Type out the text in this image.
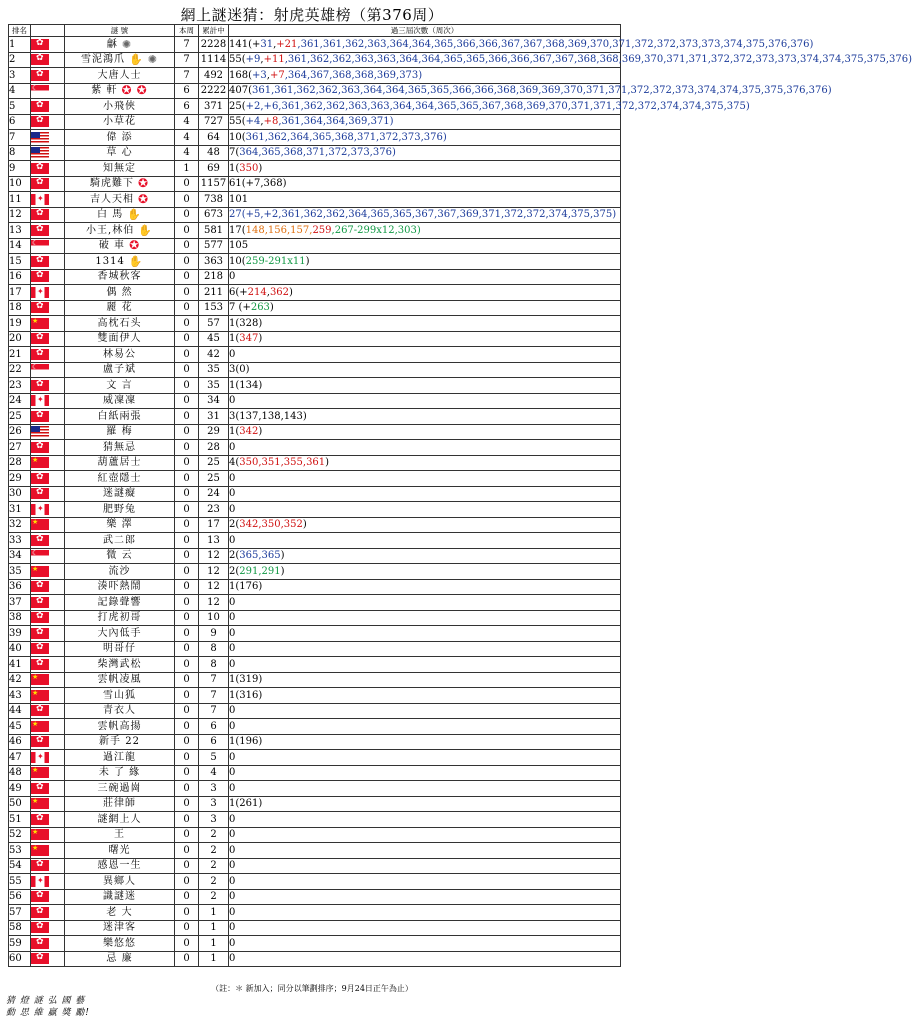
網上謎迷猜：射虎英雄榜（第376周）
排名		謎 號	本周	累計中	過三屆次數（周次）
1	✿	龢 ✺	7	2228	141(+31,+21,361,361,362,363,364,364,365,366,366,367,367,368,369,370,371,372,372,373,373,374,375,376,376)
2	✿	雪泥鴻爪 ✋ ✺	7	1114	55(+9,+11,361,362,362,363,363,364,364,365,365,366,366,367,367,368,368,369,370,371,371,372,372,373,373,374,374,375,375,376)
3	✿	大唐人士	7	492	168(+3,+7,364,367,368,368,369,373)
4	☾	紫 軒 ✪ ✪	6	2222	407(361,361,362,362,363,364,364,365,365,366,366,368,369,369,370,371,371,372,372,373,374,374,375,375,376,376)
5	✿	小飛俠	6	371	25(+2,+6,361,362,362,363,363,364,364,365,365,367,368,369,370,371,371,372,372,374,374,375,375)
6	✿	小草花	4	727	55(+4,+8,361,364,364,369,371)
7		偉 添	4	64	10(361,362,364,365,368,371,372,373,376)
8		草 心	4	48	7(364,365,368,371,372,373,376)
9	✿	知無定	1	69	1(350)
10	✿	騎虎難下 ✪	0	1157	61(+7,368)
11	✦	吉人天相 ✪	0	738	101
12	✿	白 馬 ✋	0	673	27(+5,+2,361,362,362,364,365,365,367,367,369,371,372,372,374,375,375)
13	✿	小王,林伯 ✋	0	581	17(148,156,157,259,267-299x12,303)
14	☾	破 車 ✪	0	577	105
15	✿	1314 ✋	0	363	10(259-291x11)
16	✿	香城秋客	0	218	0
17	✦	偶 然	0	211	6(+214,362)
18	✿	麗 花	0	153	7 (+263)
19	★	高枕石头	0	57	1(328)
20	✿	雙面伊人	0	45	1(347)
21	✿	林易公	0	42	0
22	☾	盧子斌	0	35	3(0)
23	✿	文 言	0	35	1(134)
24	✦	威凜凜	0	34	0
25	✿	白紙兩張	0	31	3(137,138,143)
26		羅 梅	0	29	1(342)
27	✿	猜無忌	0	28	0
28	★	葫蘆居士	0	25	4(350,351,355,361)
29	✿	紅壺隱士	0	25	0
30	✿	迷謎癡	0	24	0
31	✦	肥野兔	0	23	0
32	★	樂 澤	0	17	2(342,350,352)
33	✿	武二郎	0	13	0
34	☾	微 云	0	12	2(365,365)
35	★	流沙	0	12	2(291,291)
36	✿	湊吓熱鬧	0	12	1(176)
37	✿	記錄聲響	0	12	0
38	✿	打虎初哥	0	10	0
39	✿	大內低手	0	9	0
40	✿	明哥仔	0	8	0
41	✿	柴灣武松	0	8	0
42	★	雲帆凌風	0	7	1(319)
43	★	雪山狐	0	7	1(316)
44	✿	青衣人	0	7	0
45	★	雲帆高揚	0	6	0
46	✿	新手 22	0	6	1(196)
47	✦	過江龍	0	5	0
48	★	未 了 緣	0	4	0
49	✿	三碗過崗	0	3	0
50	★	莊律師	0	3	1(261)
51	✿	謎網上人	0	3	0
52	★	王	0	2	0
53	★	曙光	0	2	0
54	✿	感恩一生	0	2	0
55	✦	異鄉人	0	2	0
56	✿	識謎迷	0	2	0
57	✿	老 大	0	1	0
58	✿	迷津客	0	1	0
59	✿	樂悠悠	0	1	0
60	✿	忌 廉	0	1	0
（註：＊ 新加入；同分以筆劃排序；9月24日正午為止）
猜 燈 謎 弘 國 藝
動 思 維 贏 獎 勵!
